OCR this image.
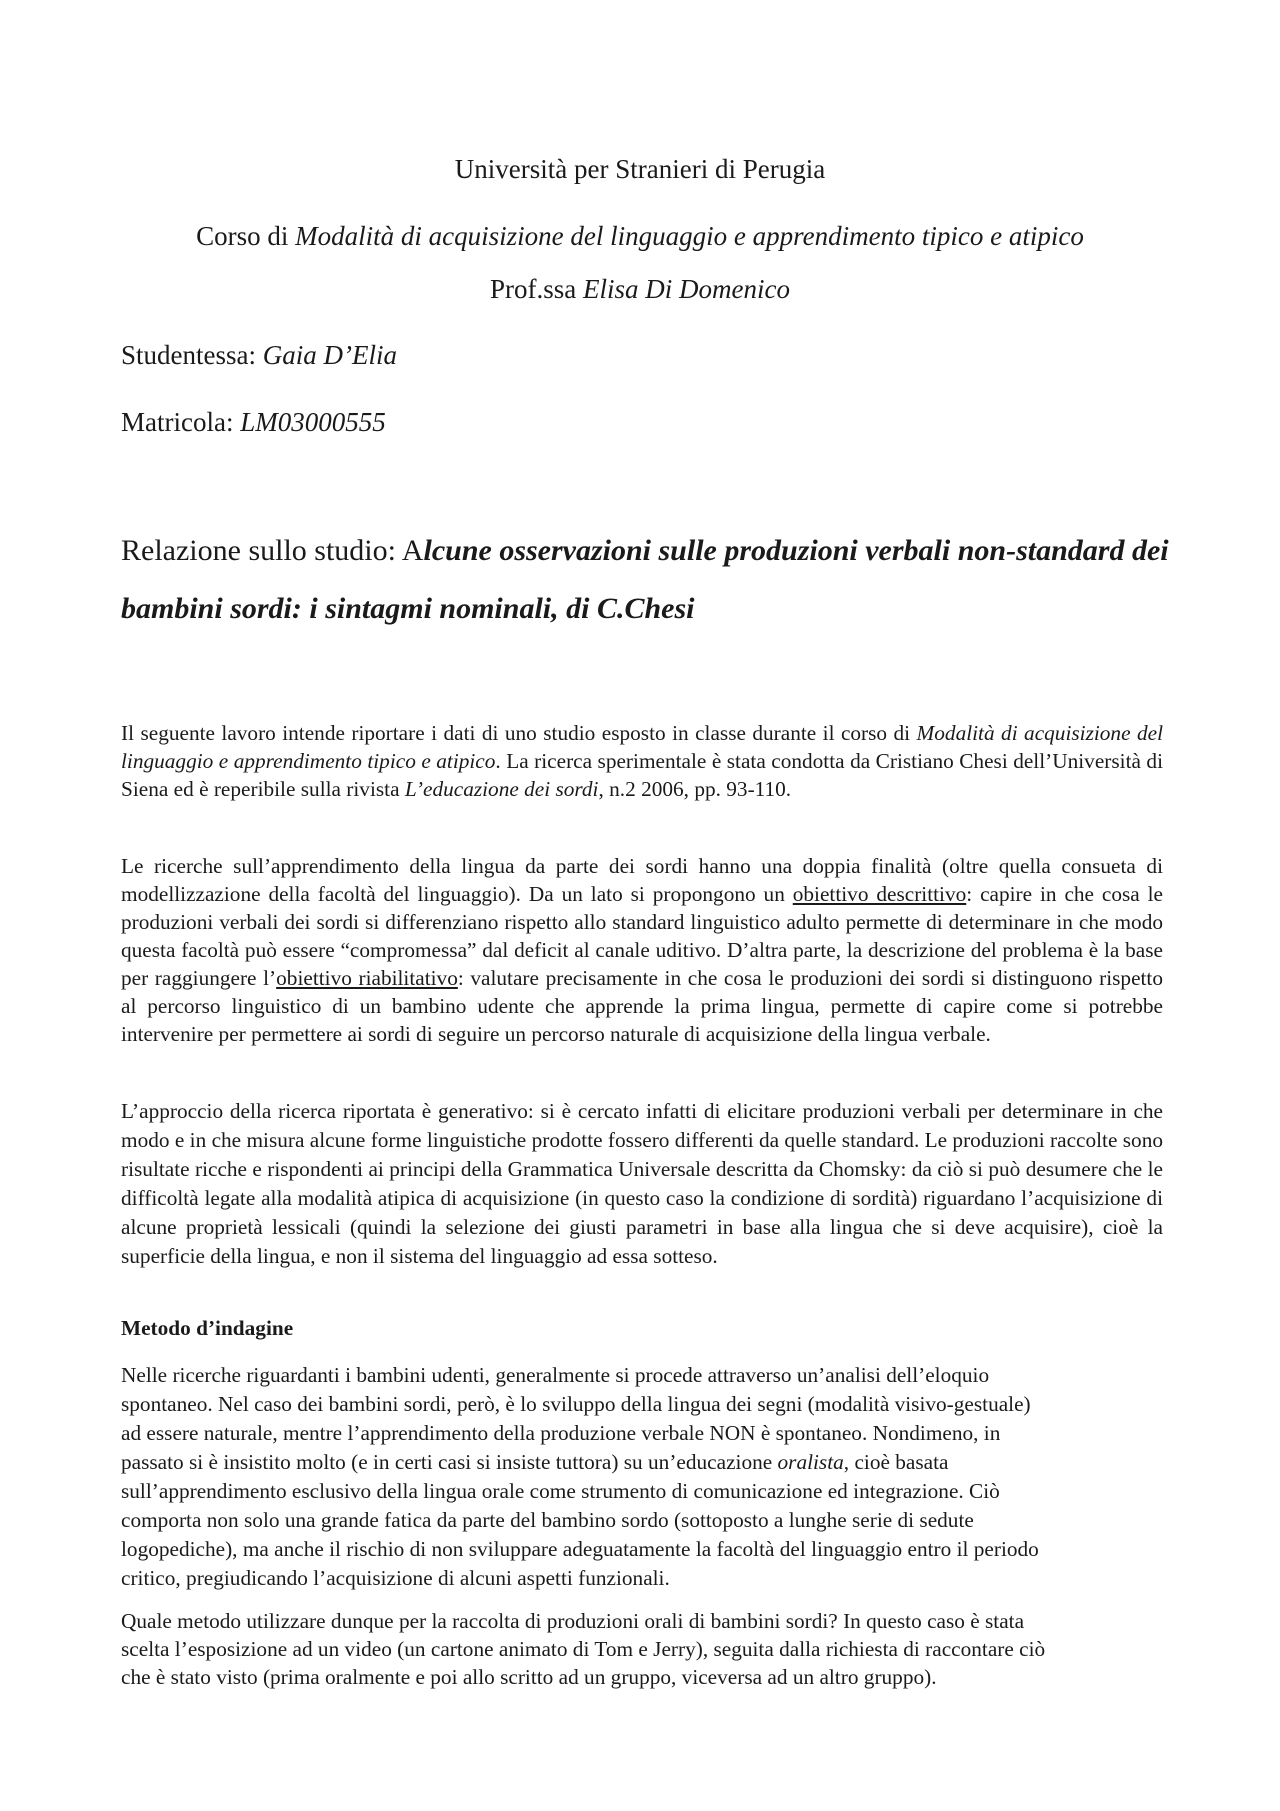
Università per Stranieri di Perugia
Corso di Modalità di acquisizione del linguaggio e apprendimento tipico e atipico
Prof.ssa Elisa Di Domenico
Studentessa: Gaia D’Elia
Matricola: LM03000555
Relazione sullo studio: Alcune osservazioni sulle produzioni verbali non-standard dei bambini sordi: i sintagmi nominali, di C.Chesi
Il seguente lavoro intende riportare i dati di uno studio esposto in classe durante il corso di Modalità di acquisizione del linguaggio e apprendimento tipico e atipico. La ricerca sperimentale è stata condotta da Cristiano Chesi dell’Università di Siena ed è reperibile sulla rivista L’educazione dei sordi, n.2 2006, pp. 93-110.
Le ricerche sull’apprendimento della lingua da parte dei sordi hanno una doppia finalità (oltre quella consueta di modellizzazione della facoltà del linguaggio). Da un lato si propongono un obiettivo descrittivo: capire in che cosa le produzioni verbali dei sordi si differenziano rispetto allo standard linguistico adulto permette di determinare in che modo questa facoltà può essere “compromessa” dal deficit al canale uditivo. D’altra parte, la descrizione del problema è la base per raggiungere l’obiettivo riabilitativo: valutare precisamente in che cosa le produzioni dei sordi si distinguono rispetto al percorso linguistico di un bambino udente che apprende la prima lingua, permette di capire come si potrebbe intervenire per permettere ai sordi di seguire un percorso naturale di acquisizione della lingua verbale.
L’approccio della ricerca riportata è generativo: si è cercato infatti di elicitare produzioni verbali per determinare in che modo e in che misura alcune forme linguistiche prodotte fossero differenti da quelle standard. Le produzioni raccolte sono risultate ricche e rispondenti ai principi della Grammatica Universale descritta da Chomsky: da ciò si può desumere che le difficoltà legate alla modalità atipica di acquisizione (in questo caso la condizione di sordità) riguardano l’acquisizione di alcune proprietà lessicali (quindi la selezione dei giusti parametri in base alla lingua che si deve acquisire), cioè la superficie della lingua, e non il sistema del linguaggio ad essa sotteso.
Metodo d’indagine
Nelle ricerche riguardanti i bambini udenti, generalmente si procede attraverso un’analisi dell’eloquio
spontaneo. Nel caso dei bambini sordi, però, è lo sviluppo della lingua dei segni (modalità visivo-gestuale)
ad essere naturale, mentre l’apprendimento della produzione verbale NON è spontaneo. Nondimeno, in
passato si è insistito molto (e in certi casi si insiste tuttora) su un’educazione oralista, cioè basata
sull’apprendimento esclusivo della lingua orale come strumento di comunicazione ed integrazione. Ciò
comporta non solo una grande fatica da parte del bambino sordo (sottoposto a lunghe serie di sedute
logopediche), ma anche il rischio di non sviluppare adeguatamente la facoltà del linguaggio entro il periodo
critico, pregiudicando l’acquisizione di alcuni aspetti funzionali.
Quale metodo utilizzare dunque per la raccolta di produzioni orali di bambini sordi? In questo caso è stata
scelta l’esposizione ad un video (un cartone animato di Tom e Jerry), seguita dalla richiesta di raccontare ciò
che è stato visto (prima oralmente e poi allo scritto ad un gruppo, viceversa ad un altro gruppo).
